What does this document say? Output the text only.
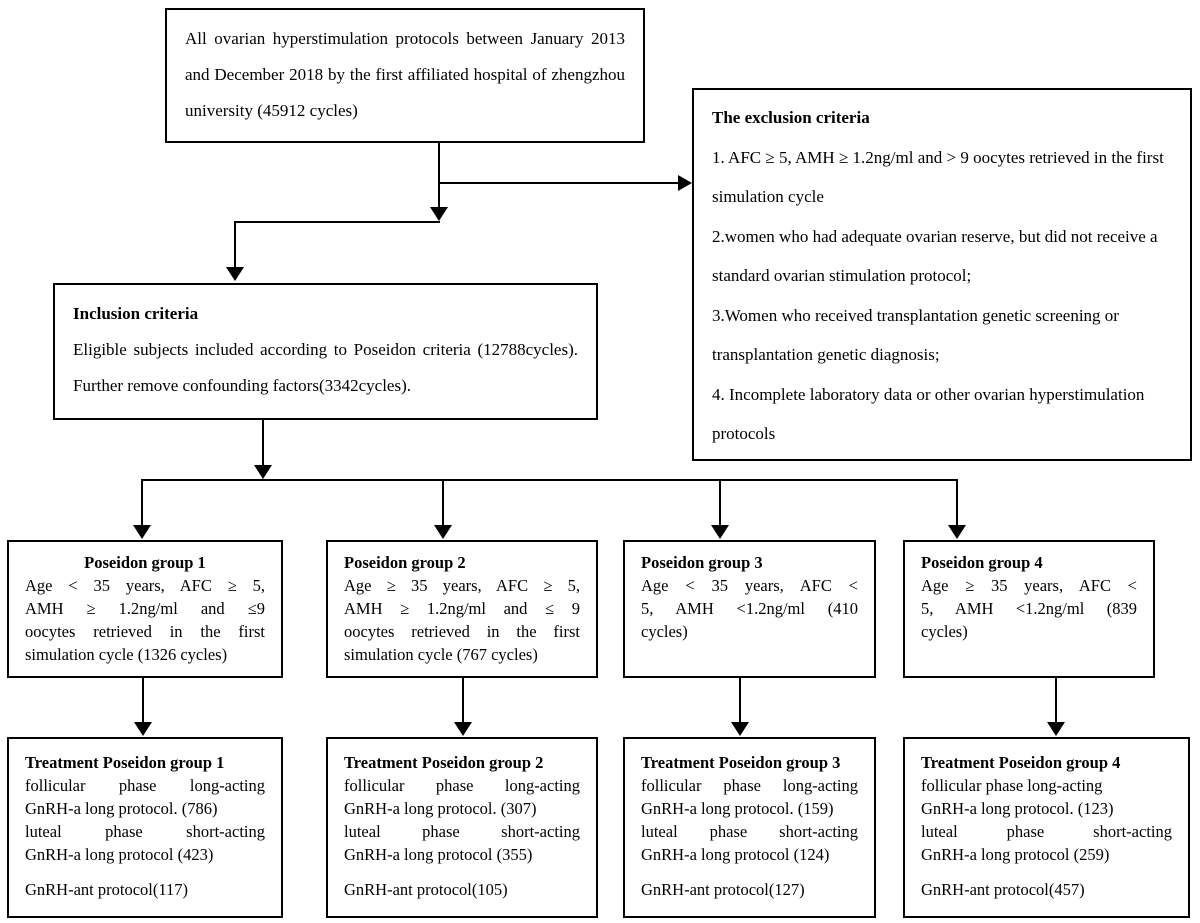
All ovarian hyperstimulation protocols between January 2013 and December 2018 by the first affiliated hospital of zhengzhou university (45912 cycles)	The exclusion criteria

1. AFC ≥ 5, AMH ≥ 1.2ng/ml and > 9 oocytes retrieved in the first simulation cycle

2.women who had adequate ovarian reserve, but did not receive a standard ovarian stimulation protocol;

3.Women who received transplantation genetic screening or transplantation genetic diagnosis;

4. Incomplete laboratory data or other ovarian hyperstimulation protocols

Inclusion criteria
Eligible subjects included according to Poseidon criteria (12788cycles). Further remove confounding factors(3342cycles).
Poseidon group 1
Age < 35 years, AFC ≥ 5,
AMH ≥ 1.2ng/ml and ≤9
oocytes retrieved in the first
simulation cycle (1326 cycles)
Poseidon group 2
Age ≥ 35 years, AFC ≥ 5,
AMH ≥ 1.2ng/ml and ≤ 9
oocytes retrieved in the first
simulation cycle (767 cycles)
Poseidon group 3
Age < 35 years, AFC <
5, AMH <1.2ng/ml (410
cycles)
Poseidon group 4
Age ≥ 35 years, AFC <
5, AMH <1.2ng/ml (839
cycles)
Treatment Poseidon group 1
follicular phase long-acting
GnRH-a long protocol. (786)
luteal phase short-acting
GnRH-a long protocol (423)
GnRH-ant protocol(117)
Treatment Poseidon group 2
follicular phase long-acting
GnRH-a long protocol. (307)
luteal phase short-acting
GnRH-a long protocol (355)
GnRH-ant protocol(105)
Treatment Poseidon group 3
follicular phase long-acting
GnRH-a long protocol. (159)
luteal phase short-acting
GnRH-a long protocol (124)
GnRH-ant protocol(127)
Treatment Poseidon group 4
follicular phase long-acting
GnRH-a long protocol. (123)
luteal phase short-acting
GnRH-a long protocol (259)
GnRH-ant protocol(457)
